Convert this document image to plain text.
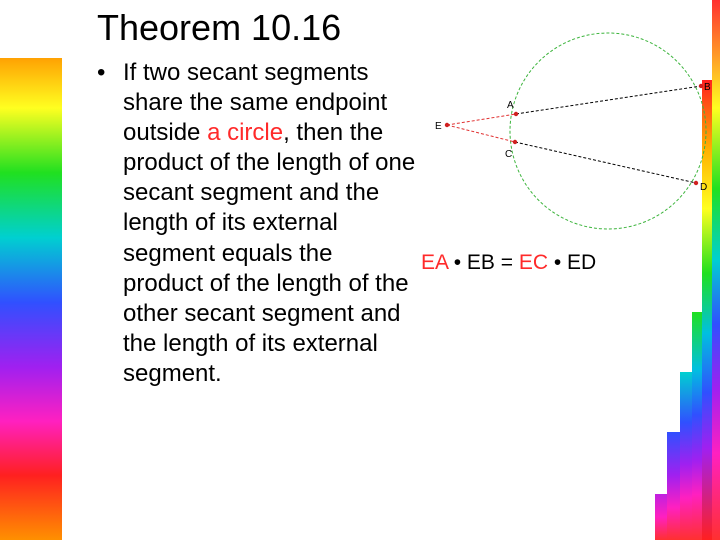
Theorem 10.16
• If two secant segments share the same endpoint outside a circle, then the product of the length of one secant segment and the length of its external segment equals the product of the length of the other secant segment and the length of its external segment.
E
A
C
B
D
EA • EB = EC • ED
